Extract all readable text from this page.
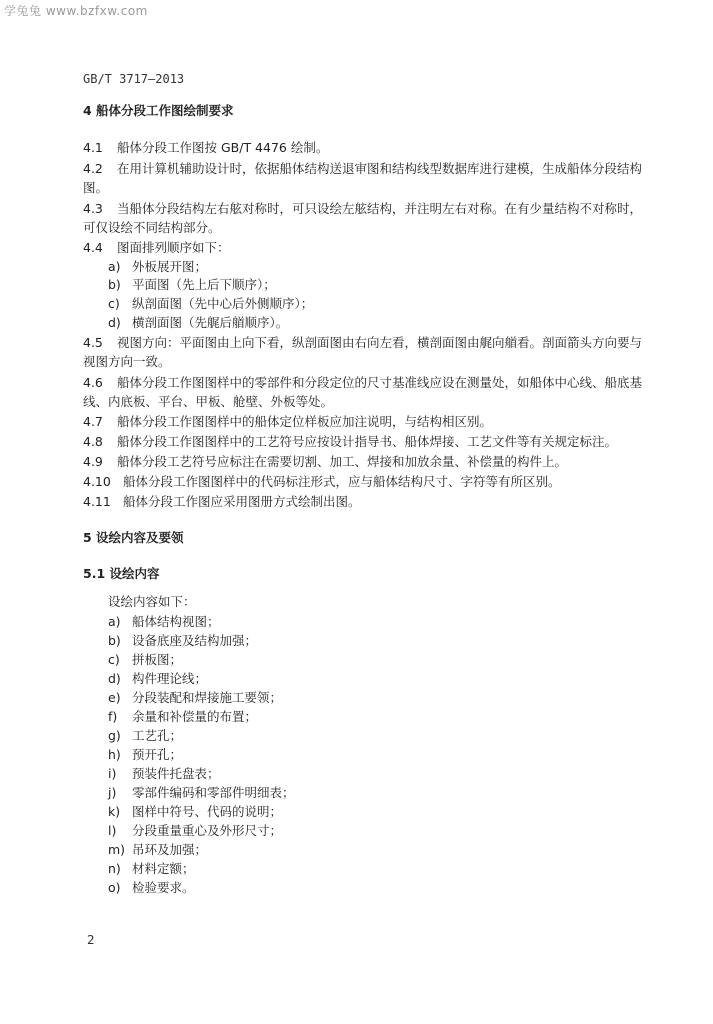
学兔兔 www.bzfxw.com
GB/T 3717—2013
4 船体分段工作图绘制要求
4.1 船体分段工作图按 GB/T 4476 绘制。
4.2 在用计算机辅助设计时，依据船体结构送退审图和结构线型数据库进行建模，生成船体分段结构
图。
4.3 当船体分段结构左右舷对称时，可只设绘左舷结构，并注明左右对称。在有少量结构不对称时，
可仅设绘不同结构部分。
4.4 图面排列顺序如下：
a) 外板展开图；
b) 平面图（先上后下顺序）；
c) 纵剖面图（先中心后外侧顺序）；
d) 横剖面图（先艉后艏顺序）。
4.5 视图方向：平面图由上向下看，纵剖面图由右向左看，横剖面图由艉向艏看。剖面箭头方向要与
视图方向一致。
4.6 船体分段工作图图样中的零部件和分段定位的尺寸基准线应设在测量处，如船体中心线、船底基
线、内底板、平台、甲板、舱壁、外板等处。
4.7 船体分段工作图图样中的船体定位样板应加注说明，与结构相区别。
4.8 船体分段工作图图样中的工艺符号应按设计指导书、船体焊接、工艺文件等有关规定标注。
4.9 船体分段工艺符号应标注在需要切割、加工、焊接和加放余量、补偿量的构件上。
4.10 船体分段工作图图样中的代码标注形式，应与船体结构尺寸、字符等有所区别。
4.11 船体分段工作图应采用图册方式绘制出图。
5 设绘内容及要领
5.1 设绘内容
设绘内容如下：
a) 船体结构视图；
b) 设备底座及结构加强；
c) 拼板图；
d) 构件理论线；
e) 分段装配和焊接施工要领；
f) 余量和补偿量的布置；
g) 工艺孔；
h) 预开孔；
i) 预装件托盘表；
j) 零部件编码和零部件明细表；
k) 图样中符号、代码的说明；
l) 分段重量重心及外形尺寸；
m) 吊环及加强；
n) 材料定额；
o) 检验要求。
2
